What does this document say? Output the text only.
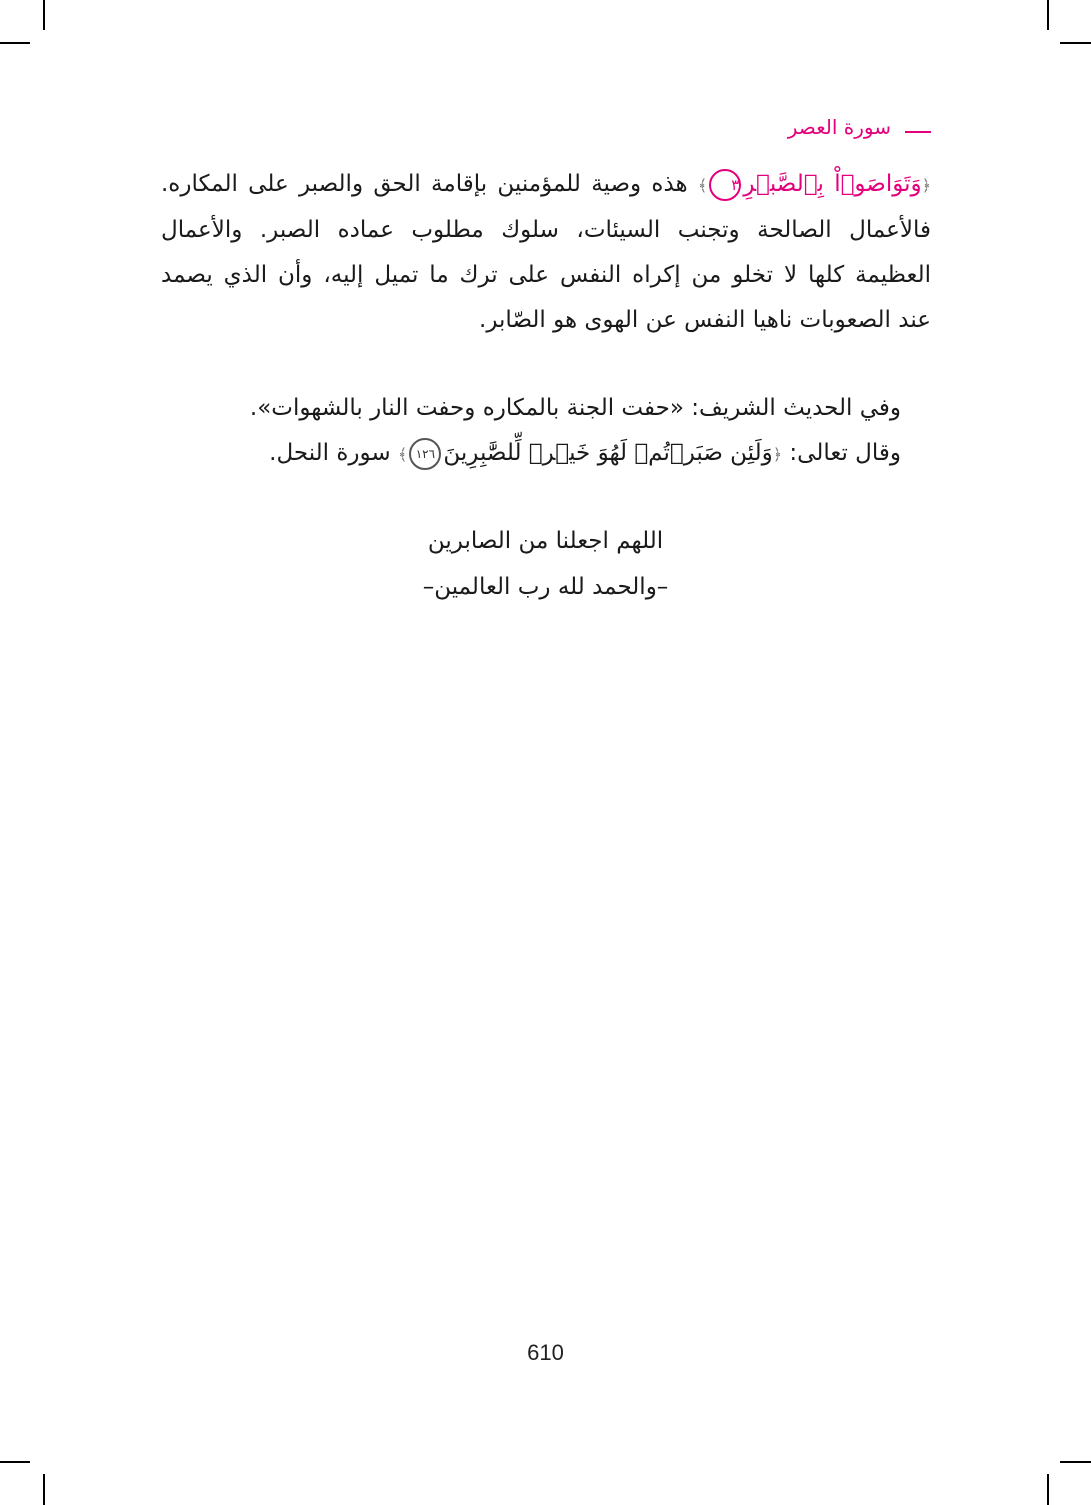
سورة العصر
﴿وَتَوَاصَوۡاْ بِٱلصَّبۡرِ٣﴾ هذه وصية للمؤمنين بإقامة الحق والصبر على المكاره.
فالأعمال الصالحة وتجنب السيئات، سلوك مطلوب عماده الصبر. والأعمال
العظيمة كلها لا تخلو من إكراه النفس على ترك ما تميل إليه، وأن الذي يصمد
عند الصعوبات ناهيا النفس عن الهوى هو الصّابر.
وفي الحديث الشريف: «حفت الجنة بالمكاره وحفت النار بالشهوات».
وقال تعالى: ﴿وَلَئِن صَبَرۡتُمۡ لَهُوَ خَيۡرٞ لِّلصَّٰبِرِينَ١٢٦﴾ سورة النحل.
اللهم اجعلنا من الصابرين
–والحمد لله رب العالمين–
610
